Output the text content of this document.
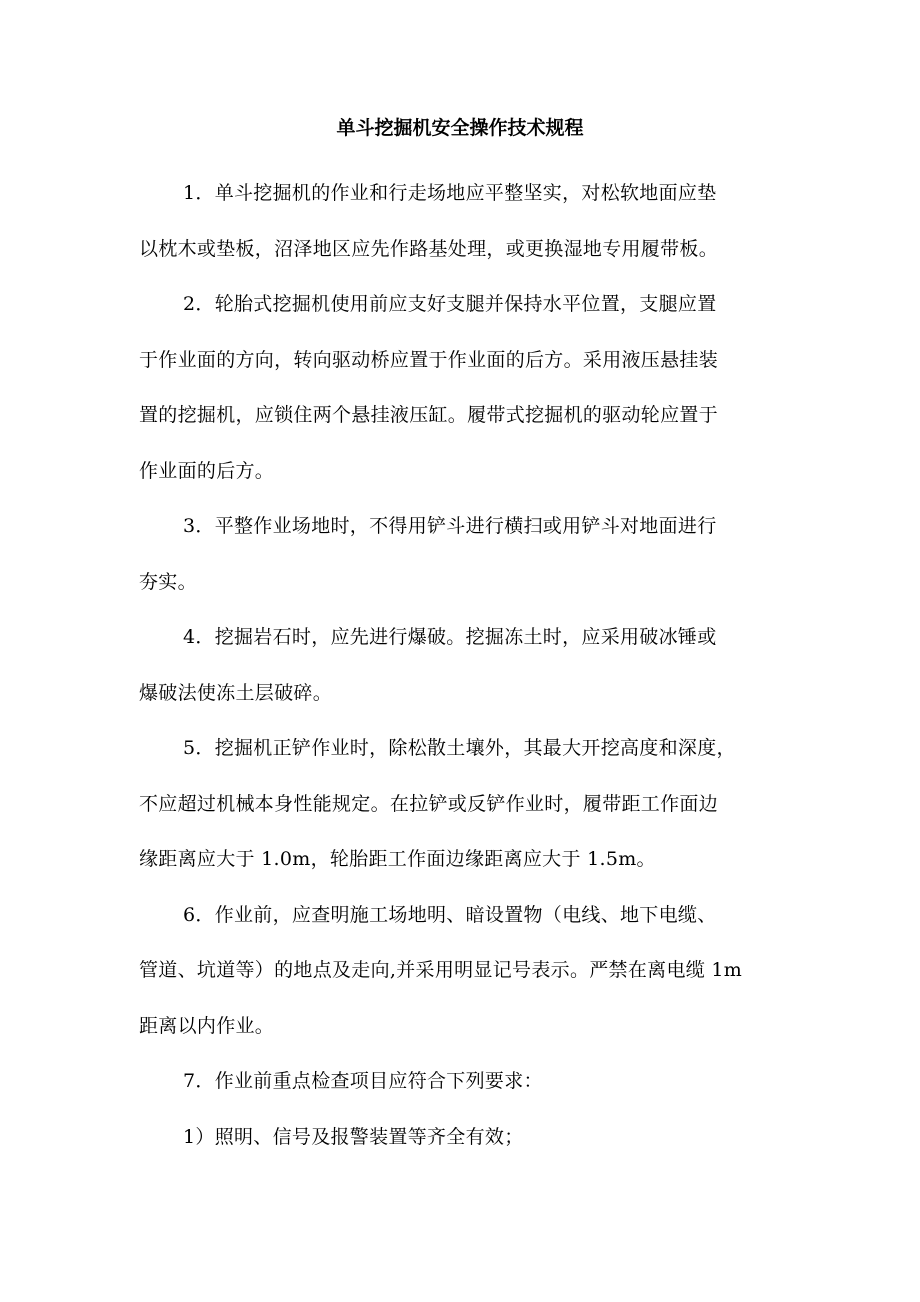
单斗挖掘机安全操作技术规程

1．单斗挖掘机的作业和行走场地应平整坚实，对松软地面应垫
以枕木或垫板，沼泽地区应先作路基处理，或更换湿地专用履带板。

2．轮胎式挖掘机使用前应支好支腿并保持水平位置，支腿应置
于作业面的方向，转向驱动桥应置于作业面的后方。采用液压悬挂装
置的挖掘机，应锁住两个悬挂液压缸。履带式挖掘机的驱动轮应置于
作业面的后方。

3．平整作业场地时，不得用铲斗进行横扫或用铲斗对地面进行
夯实。

4．挖掘岩石时，应先进行爆破。挖掘冻土时，应采用破冰锤或
爆破法使冻土层破碎。

5．挖掘机正铲作业时，除松散土壤外，其最大开挖高度和深度，
不应超过机械本身性能规定。在拉铲或反铲作业时，履带距工作面边
缘距离应大于 1.0m，轮胎距工作面边缘距离应大于 1.5m。

6．作业前，应查明施工场地明、暗设置物（电线、地下电缆、
管道、坑道等）的地点及走向,并采用明显记号表示。严禁在离电缆 1m
距离以内作业。

7．作业前重点检查项目应符合下列要求：

1）照明、信号及报警装置等齐全有效；
